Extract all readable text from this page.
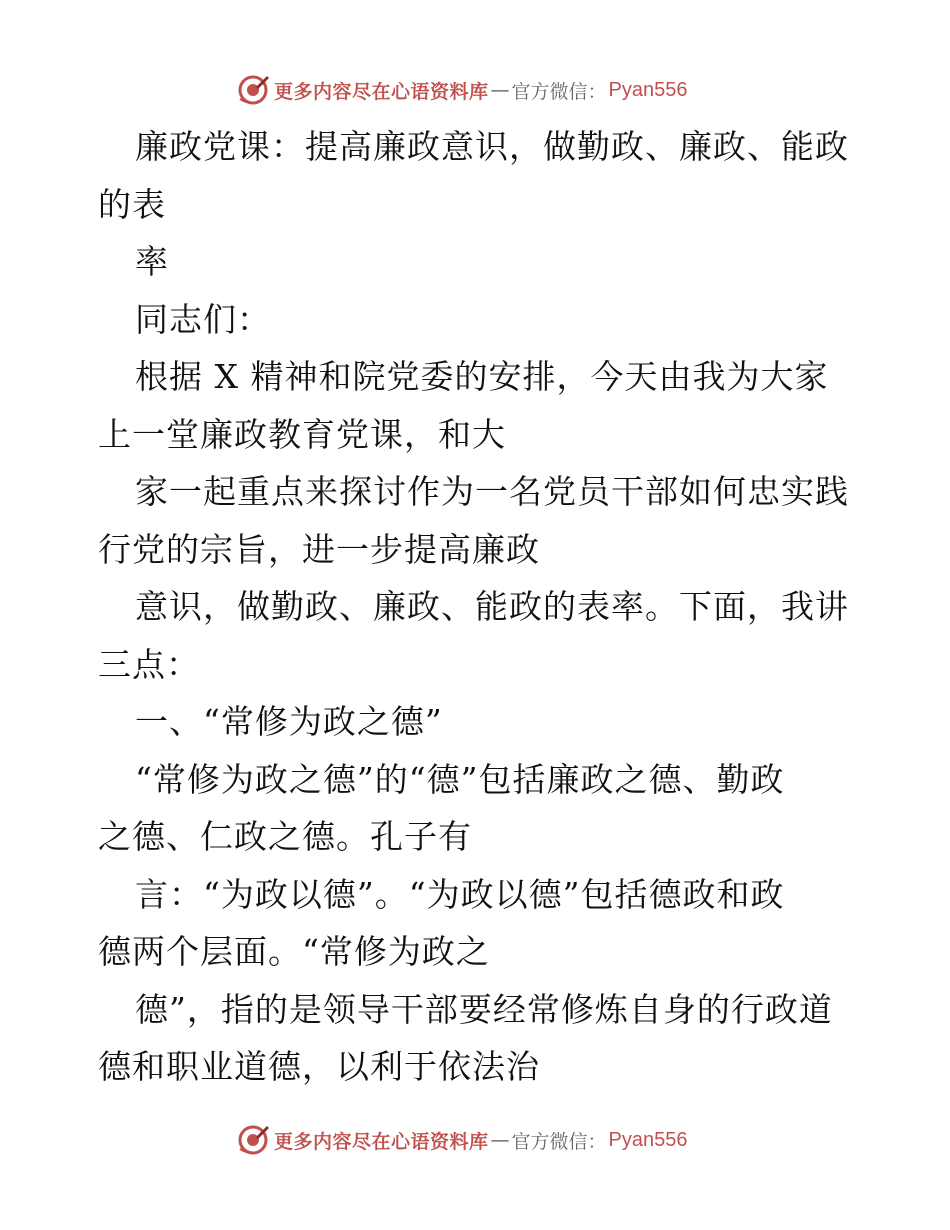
更多内容尽在心语资料库 — 官方微信： Pyan556
廉政党课：提高廉政意识，做勤政、廉政、能政
的表
率
同志们：
根据 X 精神和院党委的安排，今天由我为大家
上一堂廉政教育党课，和大
家一起重点来探讨作为一名党员干部如何忠实践
行党的宗旨，进一步提高廉政
意识，做勤政、廉政、能政的表率。下面，我讲
三点：
一、“常修为政之德”
“常修为政之德”的“德”包括廉政之德、勤政
之德、仁政之德。孔子有
言：“为政以德”。“为政以德”包括德政和政
德两个层面。“常修为政之
德”，指的是领导干部要经常修炼自身的行政道
德和职业道德，以利于依法治
更多内容尽在心语资料库 — 官方微信： Pyan556
